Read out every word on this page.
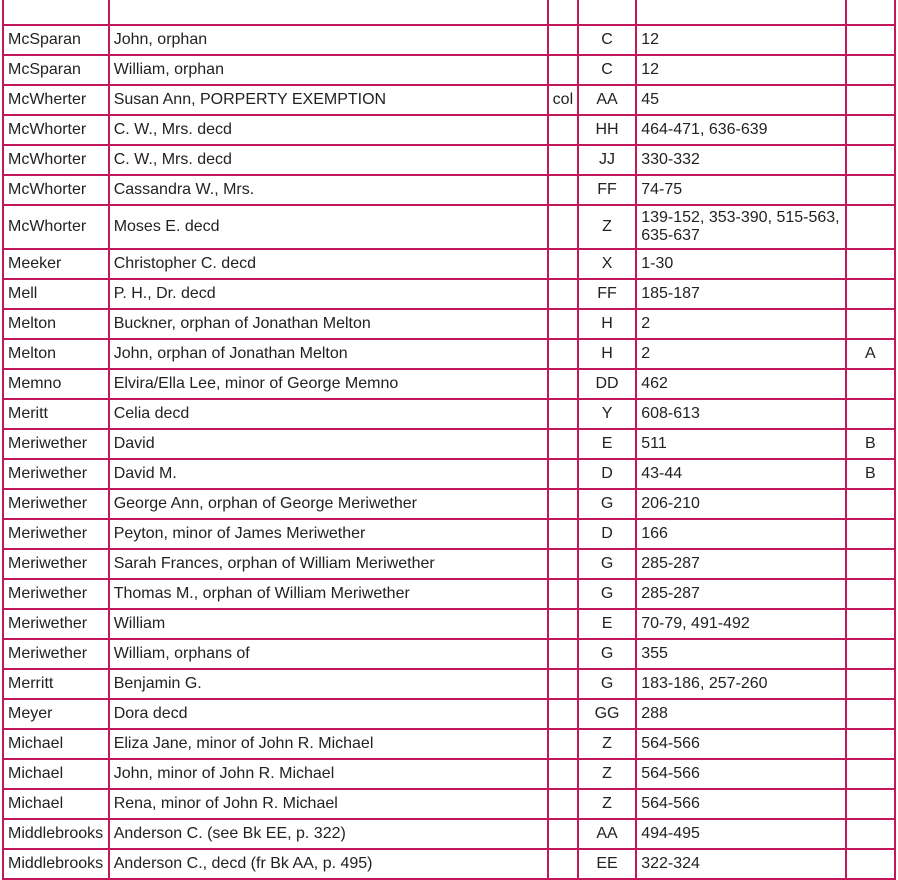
McSparan	John, orphan		C	12	
McSparan	William, orphan		C	12	
McWherter	Susan Ann, PORPERTY EXEMPTION	col	AA	45	
McWhorter	C. W., Mrs. decd		HH	464-471, 636-639	
McWhorter	C. W., Mrs. decd		JJ	330-332	
McWhorter	Cassandra W., Mrs.		FF	74-75	
McWhorter	Moses E. decd		Z	139-152, 353-390, 515-563, 635-637	
Meeker	Christopher C. decd		X	1-30	
Mell	P. H., Dr. decd		FF	185-187	
Melton	Buckner, orphan of Jonathan Melton		H	2	
Melton	John, orphan of Jonathan Melton		H	2	A
Memno	Elvira/Ella Lee, minor of George Memno		DD	462	
Meritt	Celia decd		Y	608-613	
Meriwether	David		E	511	B
Meriwether	David M.		D	43-44	B
Meriwether	George Ann, orphan of George Meriwether		G	206-210	
Meriwether	Peyton, minor of James Meriwether		D	166	
Meriwether	Sarah Frances, orphan of William Meriwether		G	285-287	
Meriwether	Thomas M., orphan of William Meriwether		G	285-287	
Meriwether	William		E	70-79, 491-492	
Meriwether	William, orphans of		G	355	
Merritt	Benjamin G.		G	183-186, 257-260	
Meyer	Dora decd		GG	288	
Michael	Eliza Jane, minor of John R. Michael		Z	564-566	
Michael	John, minor of John R. Michael		Z	564-566	
Michael	Rena, minor of John R. Michael		Z	564-566	
Middlebrooks	Anderson C. (see Bk EE, p. 322)		AA	494-495	
Middlebrooks	Anderson C., decd (fr Bk AA, p. 495)		EE	322-324	
